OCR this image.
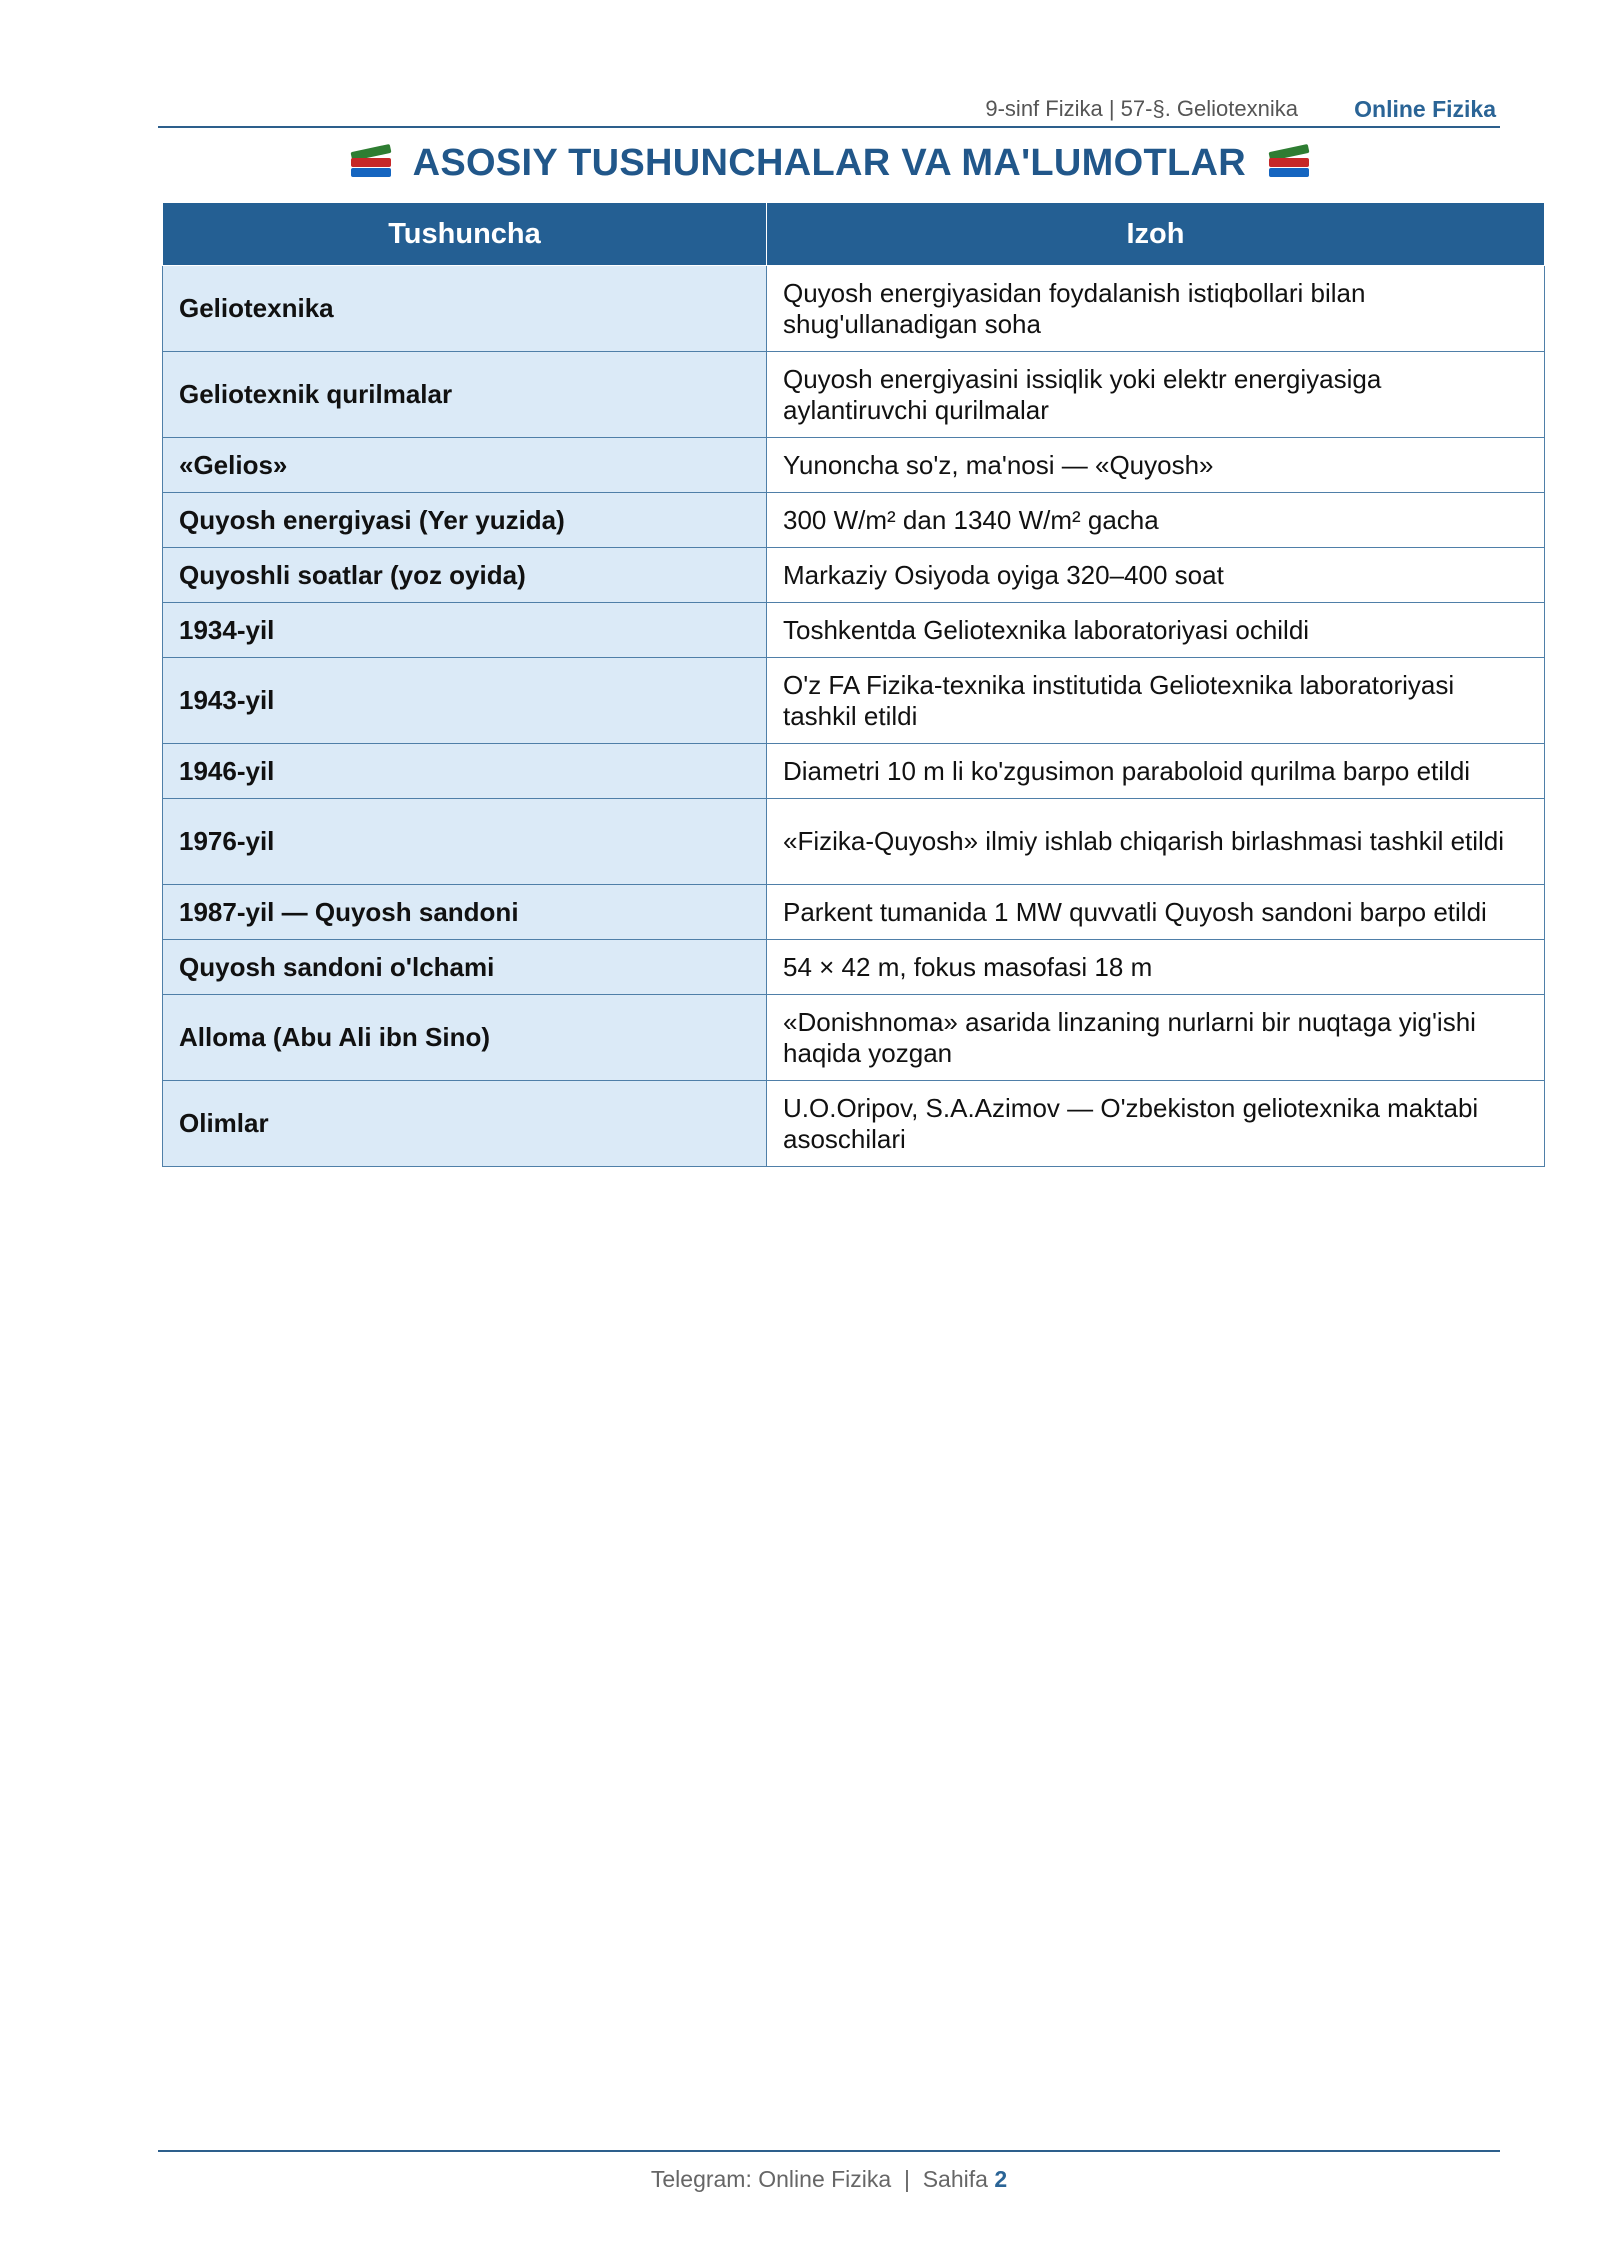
9-sinf Fizika | 57-§. Geliotexnika Online Fizika
ASOSIY TUSHUNCHALAR VA MA'LUMOTLAR
Tushuncha	Izoh
Geliotexnika	Quyosh energiyasidan foydalanish istiqbollari bilan shug'ullanadigan soha
Geliotexnik qurilmalar	Quyosh energiyasini issiqlik yoki elektr energiyasiga aylantiruvchi qurilmalar
«Gelios»	Yunoncha so'z, ma'nosi — «Quyosh»
Quyosh energiyasi (Yer yuzida)	300 W/m² dan 1340 W/m² gacha
Quyoshli soatlar (yoz oyida)	Markaziy Osiyoda oyiga 320–400 soat
1934-yil	Toshkentda Geliotexnika laboratoriyasi ochildi
1943-yil	O'z FA Fizika-texnika institutida Geliotexnika laboratoriyasi tashkil etildi
1946-yil	Diametri 10 m li ko'zgusimon paraboloid qurilma barpo etildi
1976-yil	«Fizika-Quyosh» ilmiy ishlab chiqarish birlashmasi tashkil etildi
1987-yil — Quyosh sandoni	Parkent tumanida 1 MW quvvatli Quyosh sandoni barpo etildi
Quyosh sandoni o'lchami	54 × 42 m, fokus masofasi 18 m
Alloma (Abu Ali ibn Sino)	«Donishnoma» asarida linzaning nurlarni bir nuqtaga yig'ishi haqida yozgan
Olimlar	U.O.Oripov, S.A.Azimov — O'zbekiston geliotexnika maktabi asoschilari
Telegram: Online Fizika  |  Sahifa 2
